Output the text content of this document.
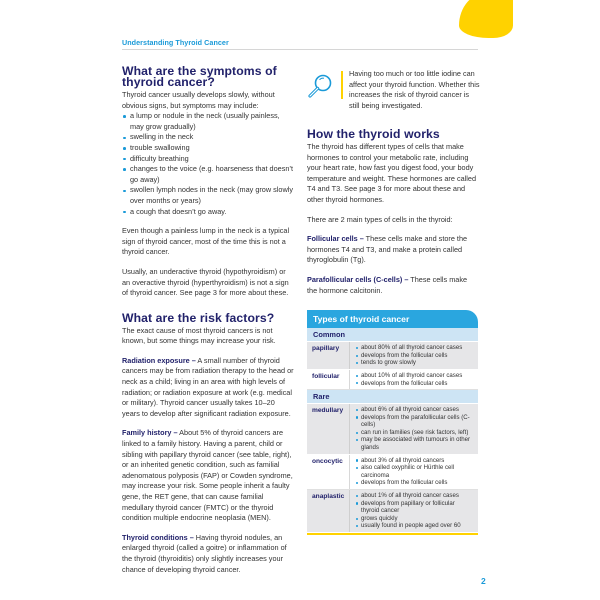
Understanding Thyroid Cancer
What are the symptoms of thyroid cancer?

Thyroid cancer usually develops slowly, without obvious signs, but symptoms may include:

a lump or nodule in the neck (usually painless, may grow gradually)
swelling in the neck
trouble swallowing
difficulty breathing
changes to the voice (e.g. hoarseness that doesn’t go away)
swollen lymph nodes in the neck (may grow slowly over months or years)
a cough that doesn’t go away.

Even though a painless lump in the neck is a typical sign of thyroid cancer, most of the time this is not a thyroid cancer.

Usually, an underactive thyroid (hypothyroidism) or an overactive thyroid (hyperthyroidism) is not a sign of thyroid cancer. See page 3 for more about these.

What are the risk factors?

The exact cause of most thyroid cancers is not known, but some things may increase your risk.

Radiation exposure – A small number of thyroid cancers may be from radiation therapy to the head or neck as a child; living in an area with high levels of radiation; or radiation exposure at work (e.g. medical or military). Thyroid cancer usually takes 10–20 years to develop after significant radiation exposure.

Family history – About 5% of thyroid cancers are linked to a family history. Having a parent, child or sibling with papillary thyroid cancer (see table, right), or an inherited genetic condition, such as familial adenomatous polyposis (FAP) or Cowden syndrome, may increase your risk. Some people inherit a faulty gene, the RET gene, that can cause familial medullary thyroid cancer (FMTC) or the thyroid condition multiple endocrine neoplasia (MEN).

Thyroid conditions – Having thyroid nodules, an enlarged thyroid (called a goitre) or inflammation of the thyroid (thyroiditis) only slightly increases your chance of developing thyroid cancer.

Having too much or too little iodine can affect your thyroid function. Whether this increases the risk of thyroid cancer is still being investigated.
How the thyroid works

The thyroid has different types of cells that make hormones to control your metabolic rate, including your heart rate, how fast you digest food, your body temperature and weight. These hormones are called T4 and T3. See page 3 for more about these and other thyroid hormones.

There are 2 main types of cells in the thyroid:

Follicular cells – These cells make and store the hormones T4 and T3, and make a protein called thyroglobulin (Tg).

Parafollicular cells (C-cells) – These cells make the hormone calcitonin.

Types of thyroid cancer
Common
papillary	about 80% of all thyroid cancer cases
develops from the follicular cells
tends to grow slowly
follicular	about 10% of all thyroid cancer cases
develops from the follicular cells
Rare
medullary	about 6% of all thyroid cancer cases
develops from the parafollicular cells (C-cells)
can run in families (see risk factors, left)
may be associated with tumours in other glands
oncocytic	about 3% of all thyroid cancers
also called oxyphilic or Hürthle cell carcinoma
develops from the follicular cells
anaplastic	about 1% of all thyroid cancer cases
develops from papillary or follicular thyroid cancer
grows quickly
usually found in people aged over 60
2
